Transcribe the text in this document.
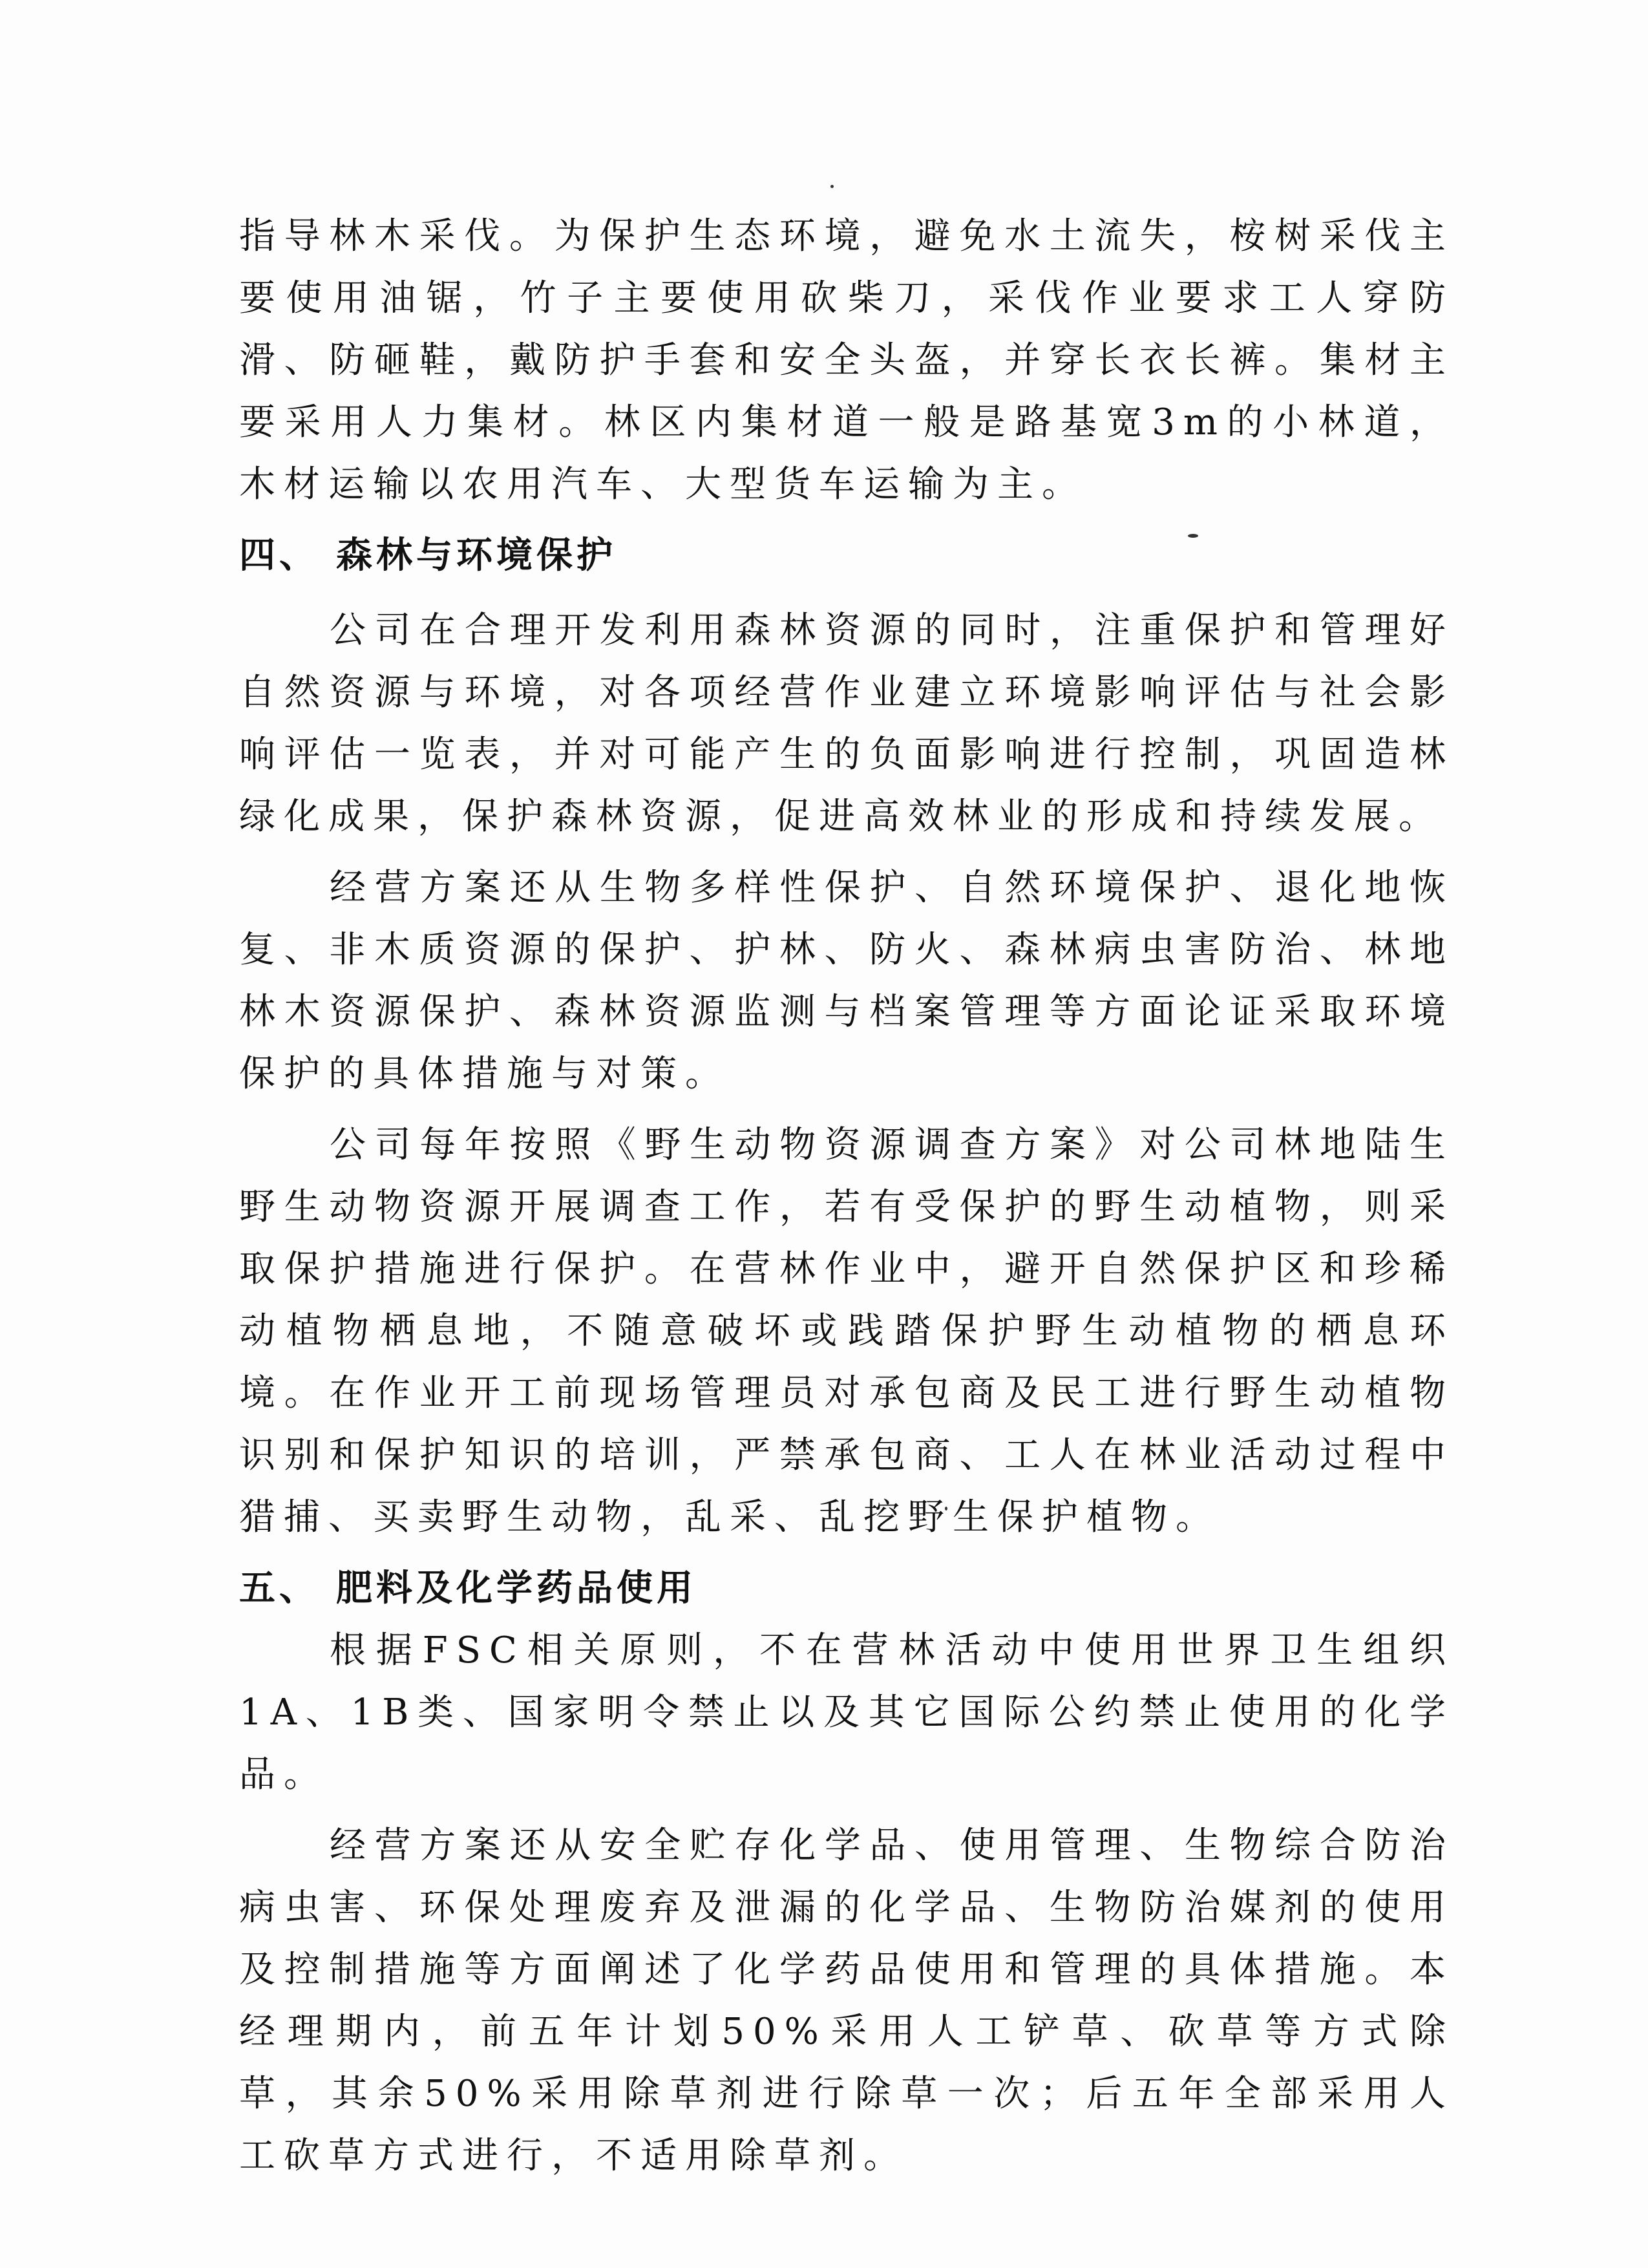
指导林木采伐。为保护生态环境，避免水土流失，桉树采伐主要使用油锯，竹子主要使用砍柴刀，采伐作业要求工人穿防滑、防砸鞋，戴防护手套和安全头盔，并穿长衣长裤。集材主要采用人力集材。林区内集材道一般是路基宽3m的小林道，木材运输以农用汽车、大型货车运输为主。

四、 森林与环境保护

公司在合理开发利用森林资源的同时，注重保护和管理好自然资源与环境，对各项经营作业建立环境影响评估与社会影响评估一览表，并对可能产生的负面影响进行控制，巩固造林绿化成果，保护森林资源，促进高效林业的形成和持续发展。

经营方案还从生物多样性保护、自然环境保护、退化地恢复、非木质资源的保护、护林、防火、森林病虫害防治、林地林木资源保护、森林资源监测与档案管理等方面论证采取环境保护的具体措施与对策。

公司每年按照《野生动物资源调查方案》对公司林地陆生野生动物资源开展调查工作，若有受保护的野生动植物，则采取保护措施进行保护。在营林作业中，避开自然保护区和珍稀动植物栖息地，不随意破坏或践踏保护野生动植物的栖息环境。在作业开工前现场管理员对承包商及民工进行野生动植物识别和保护知识的培训，严禁承包商、工人在林业活动过程中猎捕、买卖野生动物，乱采、乱挖野生保护植物。

五、 肥料及化学药品使用

根据FSC相关原则，不在营林活动中使用世界卫生组织1A、1B类、国家明令禁止以及其它国际公约禁止使用的化学品。

经营方案还从安全贮存化学品、使用管理、生物综合防治病虫害、环保处理废弃及泄漏的化学品、生物防治媒剂的使用及控制措施等方面阐述了化学药品使用和管理的具体措施。本经理期内，前五年计划50%采用人工铲草、砍草等方式除草，其余50%采用除草剂进行除草一次；后五年全部采用人工砍草方式进行，不适用除草剂。
